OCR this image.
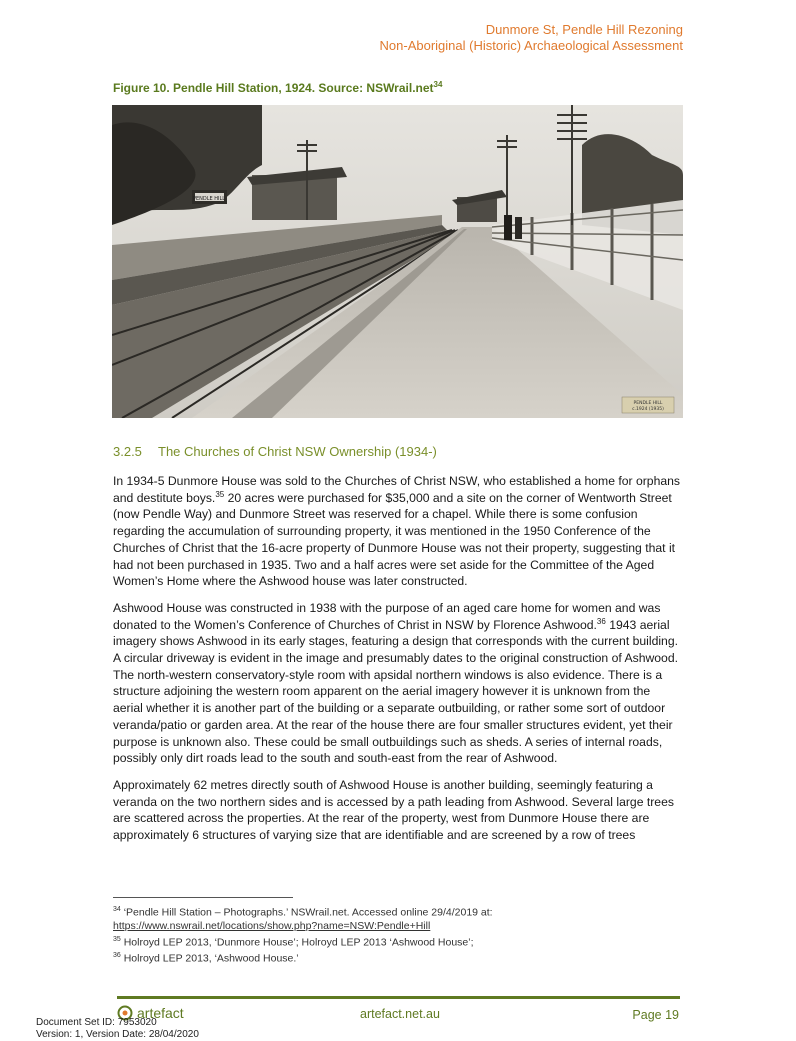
Dunmore St, Pendle Hill Rezoning
Non-Aboriginal (Historic) Archaeological Assessment
Figure 10. Pendle Hill Station, 1924. Source: NSWrail.net$^{34}$
PENDLE HILL
PENDLE HILL
c.1924 (1935)
3.2.5 The Churches of Christ NSW Ownership (1934-)

In 1934-5 Dunmore House was sold to the Churches of Christ NSW, who established a home for orphans and destitute boys.$^{35}$ 20 acres were purchased for $35,000 and a site on the corner of Wentworth Street (now Pendle Way) and Dunmore Street was reserved for a chapel. While there is some confusion regarding the accumulation of surrounding property, it was mentioned in the 1950 Conference of the Churches of Christ that the 16-acre property of Dunmore House was not their property, suggesting that it had not been purchased in 1935. Two and a half acres were set aside for the Committee of the Aged Women’s Home where the Ashwood house was later constructed.

Ashwood House was constructed in 1938 with the purpose of an aged care home for women and was donated to the Women’s Conference of Churches of Christ in NSW by Florence Ashwood.$^{36}$ 1943 aerial imagery shows Ashwood in its early stages, featuring a design that corresponds with the current building. A circular driveway is evident in the image and presumably dates to the original construction of Ashwood. The north-western conservatory-style room with apsidal northern windows is also evidence. There is a structure adjoining the western room apparent on the aerial imagery however it is unknown from the aerial whether it is another part of the building or a separate outbuilding, or rather some sort of outdoor veranda/patio or garden area. At the rear of the house there are four smaller structures evident, yet their purpose is unknown also. These could be small outbuildings such as sheds. A series of internal roads, possibly only dirt roads lead to the south and south-east from the rear of Ashwood.

Approximately 62 metres directly south of Ashwood House is another building, seemingly featuring a veranda on the two northern sides and is accessed by a path leading from Ashwood. Several large trees are scattered across the properties. At the rear of the property, west from Dunmore House there are approximately 6 structures of varying size that are identifiable and are screened by a row of trees

$^{34}$ ‘Pendle Hill Station – Photographs.’ NSWrail.net. Accessed online 29/4/2019 at:
https://www.nswrail.net/locations/show.php?name=NSW:Pendle+Hill
$^{35}$ Holroyd LEP 2013, ‘Dunmore House’; Holroyd LEP 2013 ‘Ashwood House’;
$^{36}$ Holroyd LEP 2013, ‘Ashwood House.’
artefact	artefact.net.au	Page 19
Document Set ID: 7953020
Version: 1, Version Date: 28/04/2020
